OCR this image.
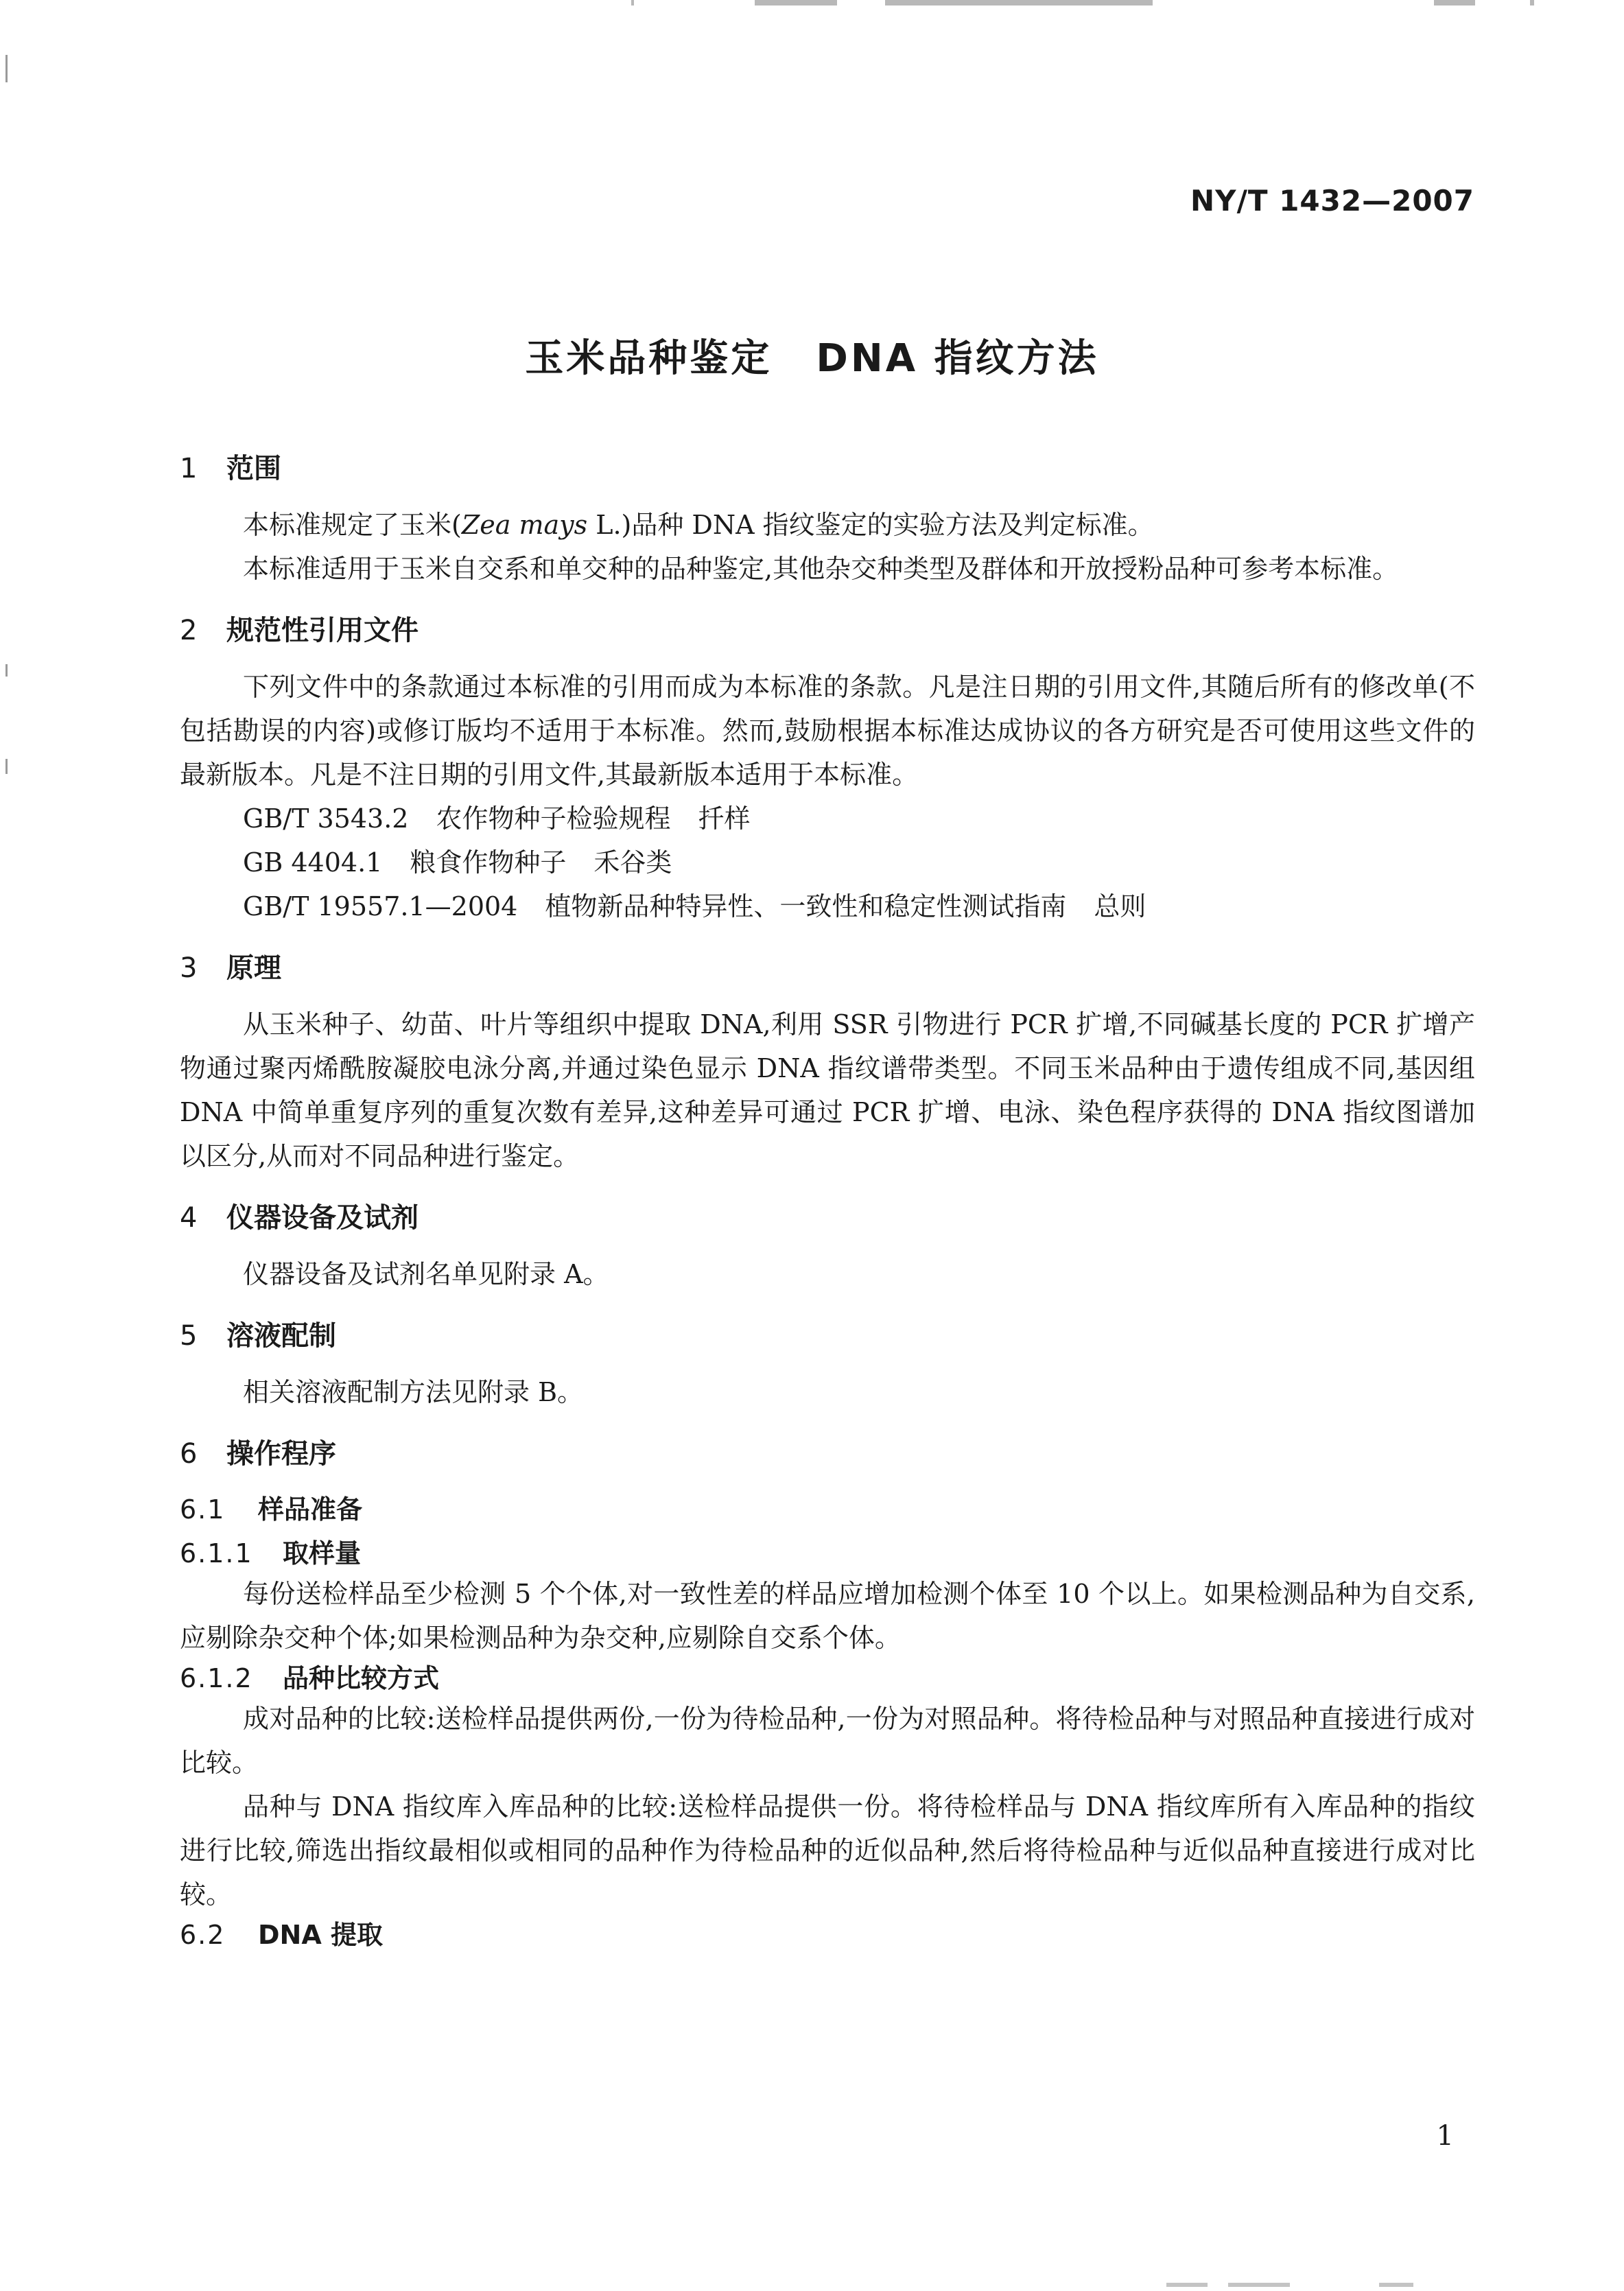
NY/T 1432—2007
玉米品种鉴定 DNA 指纹方法
1 范围

本标准规定了玉米(Zea mays L.)品种 DNA 指纹鉴定的实验方法及判定标准。

本标准适用于玉米自交系和单交种的品种鉴定,其他杂交种类型及群体和开放授粉品种可参考本标准。

2 规范性引用文件

下列文件中的条款通过本标准的引用而成为本标准的条款。凡是注日期的引用文件,其随后所有的修改单(不包括勘误的内容)或修订版均不适用于本标准。然而,鼓励根据本标准达成协议的各方研究是否可使用这些文件的最新版本。凡是不注日期的引用文件,其最新版本适用于本标准。

GB/T 3543.2 农作物种子检验规程 扦样

GB 4404.1 粮食作物种子 禾谷类

GB/T 19557.1—2004 植物新品种特异性、一致性和稳定性测试指南 总则

3 原理

从玉米种子、幼苗、叶片等组织中提取 DNA,利用 SSR 引物进行 PCR 扩增,不同碱基长度的 PCR 扩增产物通过聚丙烯酰胺凝胶电泳分离,并通过染色显示 DNA 指纹谱带类型。不同玉米品种由于遗传组成不同,基因组 DNA 中简单重复序列的重复次数有差异,这种差异可通过 PCR 扩增、电泳、染色程序获得的 DNA 指纹图谱加以区分,从而对不同品种进行鉴定。

4 仪器设备及试剂

仪器设备及试剂名单见附录 A。

5 溶液配制

相关溶液配制方法见附录 B。

6 操作程序
6.1 样品准备
6.1.1 取样量

每份送检样品至少检测 5 个个体,对一致性差的样品应增加检测个体至 10 个以上。如果检测品种为自交系,应剔除杂交种个体;如果检测品种为杂交种,应剔除自交系个体。

6.1.2 品种比较方式

成对品种的比较:送检样品提供两份,一份为待检品种,一份为对照品种。将待检品种与对照品种直接进行成对比较。

品种与 DNA 指纹库入库品种的比较:送检样品提供一份。将待检样品与 DNA 指纹库所有入库品种的指纹进行比较,筛选出指纹最相似或相同的品种作为待检品种的近似品种,然后将待检品种与近似品种直接进行成对比较。

6.2 DNA 提取
1
